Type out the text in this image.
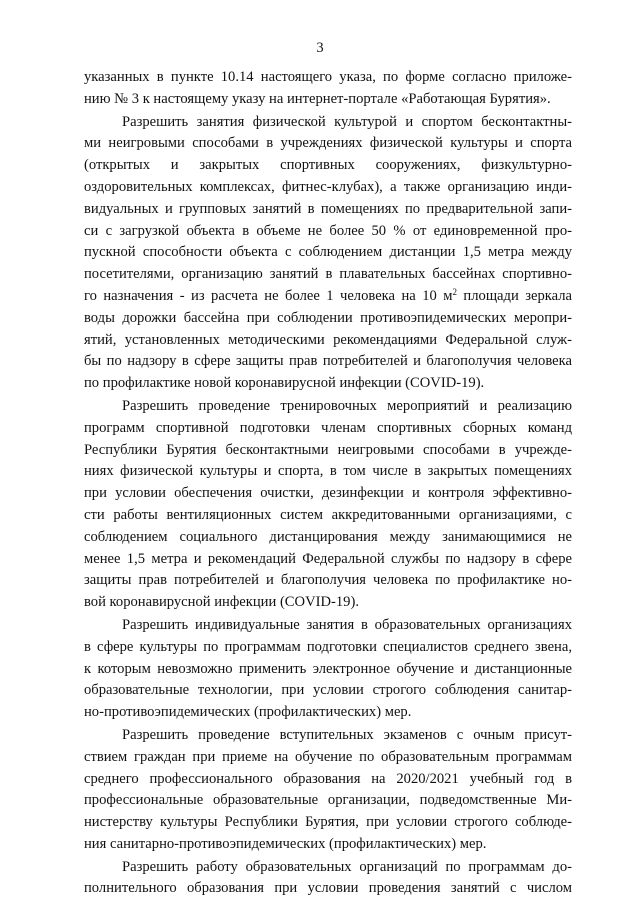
3
указанных в пункте 10.14 настоящего указа, по форме согласно приложе-
нию № 3 к настоящему указу на интернет-портале «Работающая Бурятия».
Разрешить занятия физической культурой и спортом бесконтактны-
ми неигровыми способами в учреждениях физической культуры и спорта
(открытых и закрытых спортивных сооружениях, физкультурно-
оздоровительных комплексах, фитнес-клубах), а также организацию инди-
видуальных и групповых занятий в помещениях по предварительной запи-
си с загрузкой объекта в объеме не более 50 % от единовременной про-
пускной способности объекта с соблюдением дистанции 1,5 метра между
посетителями, организацию занятий в плавательных бассейнах спортивно-
го назначения - из расчета не более 1 человека на 10 $м^2$ площади зеркала
воды дорожки бассейна при соблюдении противоэпидемических меропри-
ятий, установленных методическими рекомендациями Федеральной служ-
бы по надзору в сфере защиты прав потребителей и благополучия человека
по профилактике новой коронавирусной инфекции (COVID-19).
Разрешить проведение тренировочных мероприятий и реализацию
программ спортивной подготовки членам спортивных сборных команд
Республики Бурятия бесконтактными неигровыми способами в учрежде-
ниях физической культуры и спорта, в том числе в закрытых помещениях
при условии обеспечения очистки, дезинфекции и контроля эффективно-
сти работы вентиляционных систем аккредитованными организациями, с
соблюдением социального дистанцирования между занимающимися не
менее 1,5 метра и рекомендаций Федеральной службы по надзору в сфере
защиты прав потребителей и благополучия человека по профилактике но-
вой коронавирусной инфекции (COVID-19).
Разрешить индивидуальные занятия в образовательных организациях
в сфере культуры по программам подготовки специалистов среднего звена,
к которым невозможно применить электронное обучение и дистанционные
образовательные технологии, при условии строгого соблюдения санитар-
но-противоэпидемических (профилактических) мер.
Разрешить проведение вступительных экзаменов с очным присут-
ствием граждан при приеме на обучение по образовательным программам
среднего профессионального образования на 2020/2021 учебный год в
профессиональные образовательные организации, подведомственные Ми-
нистерству культуры Республики Бурятия, при условии строгого соблюде-
ния санитарно-противоэпидемических (профилактических) мер.
Разрешить работу образовательных организаций по программам до-
полнительного образования при условии проведения занятий с числом
